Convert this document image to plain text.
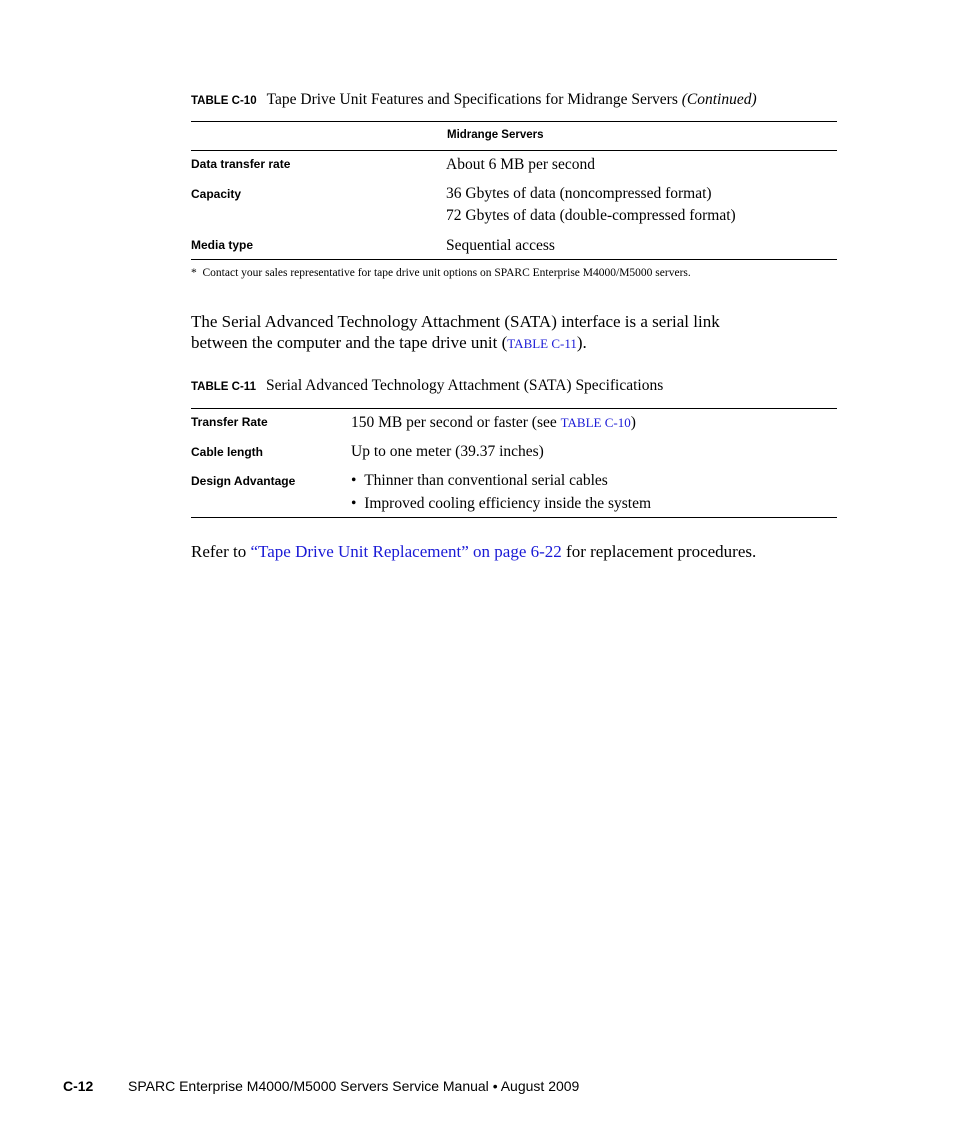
TABLE C-10 Tape Drive Unit Features and Specifications for Midrange Servers (Continued)
Midrange Servers
Data transfer rate	About 6 MB per second
Capacity	36 Gbytes of data (noncompressed format)
72 Gbytes of data (double-compressed format)
Media type	Sequential access
* Contact your sales representative for tape drive unit options on SPARC Enterprise M4000/M5000 servers.
The Serial Advanced Technology Attachment (SATA) interface is a serial link
between the computer and the tape drive unit (TABLE C-11).
TABLE C-11 Serial Advanced Technology Attachment (SATA) Specifications
Transfer Rate	150 MB per second or faster (see TABLE C-10)
Cable length	Up to one meter (39.37 inches)
Design Advantage	• Thinner than conventional serial cables
• Improved cooling efficiency inside the system
Refer to “Tape Drive Unit Replacement” on page 6-22 for replacement procedures.
C-12 SPARC Enterprise M4000/M5000 Servers Service Manual • August 2009
